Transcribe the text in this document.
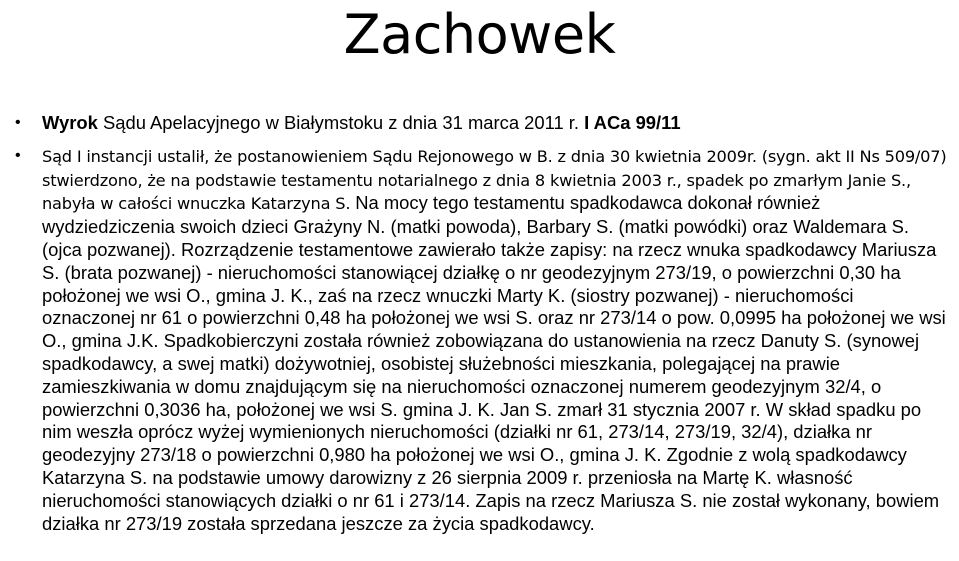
Zachowek
• Wyrok Sądu Apelacyjnego w Białymstoku z dnia 31 marca 2011 r. I ACa 99/11
• Sąd I instancji ustalił, że postanowieniem Sądu Rejonowego w B. z dnia 30 kwietnia 2009r. (sygn. akt II Ns 509/07) stwierdzono, że na podstawie testamentu notarialnego z dnia 8 kwietnia 2003 r., spadek po zmarłym Janie S., nabyła w całości wnuczka Katarzyna S. Na mocy tego testamentu spadkodawca dokonał również wydziedziczenia swoich dzieci Grażyny N. (matki powoda), Barbary S. (matki powódki) oraz Waldemara S. (ojca pozwanej). Rozrządzenie testamentowe zawierało także zapisy: na rzecz wnuka spadkodawcy Mariusza S. (brata pozwanej) - nieruchomości stanowiącej działkę o nr geodezyjnym 273/19, o powierzchni 0,30 ha położonej we wsi O., gmina J. K., zaś na rzecz wnuczki Marty K. (siostry pozwanej) - nieruchomości oznaczonej nr 61 o powierzchni 0,48 ha położonej we wsi S. oraz nr 273/14 o pow. 0,0995 ha położonej we wsi O., gmina J.K. Spadkobierczyni została również zobowiązana do ustanowienia na rzecz Danuty S. (synowej spadkodawcy, a swej matki) dożywotniej, osobistej służebności mieszkania, polegającej na prawie zamieszkiwania w domu znajdującym się na nieruchomości oznaczonej numerem geodezyjnym 32/4, o powierzchni 0,3036 ha, położonej we wsi S. gmina J. K. Jan S. zmarł 31 stycznia 2007 r. W skład spadku po nim weszła oprócz wyżej wymienionych nieruchomości (działki nr 61, 273/14, 273/19, 32/4), działka nr geodezyjny 273/18 o powierzchni 0,980 ha położonej we wsi O., gmina J. K. Zgodnie z wolą spadkodawcy Katarzyna S. na podstawie umowy darowizny z 26 sierpnia 2009 r. przeniosła na Martę K. własność nieruchomości stanowiących działki o nr 61 i 273/14. Zapis na rzecz Mariusza S. nie został wykonany, bowiem działka nr 273/19 została sprzedana jeszcze za życia spadkodawcy.
